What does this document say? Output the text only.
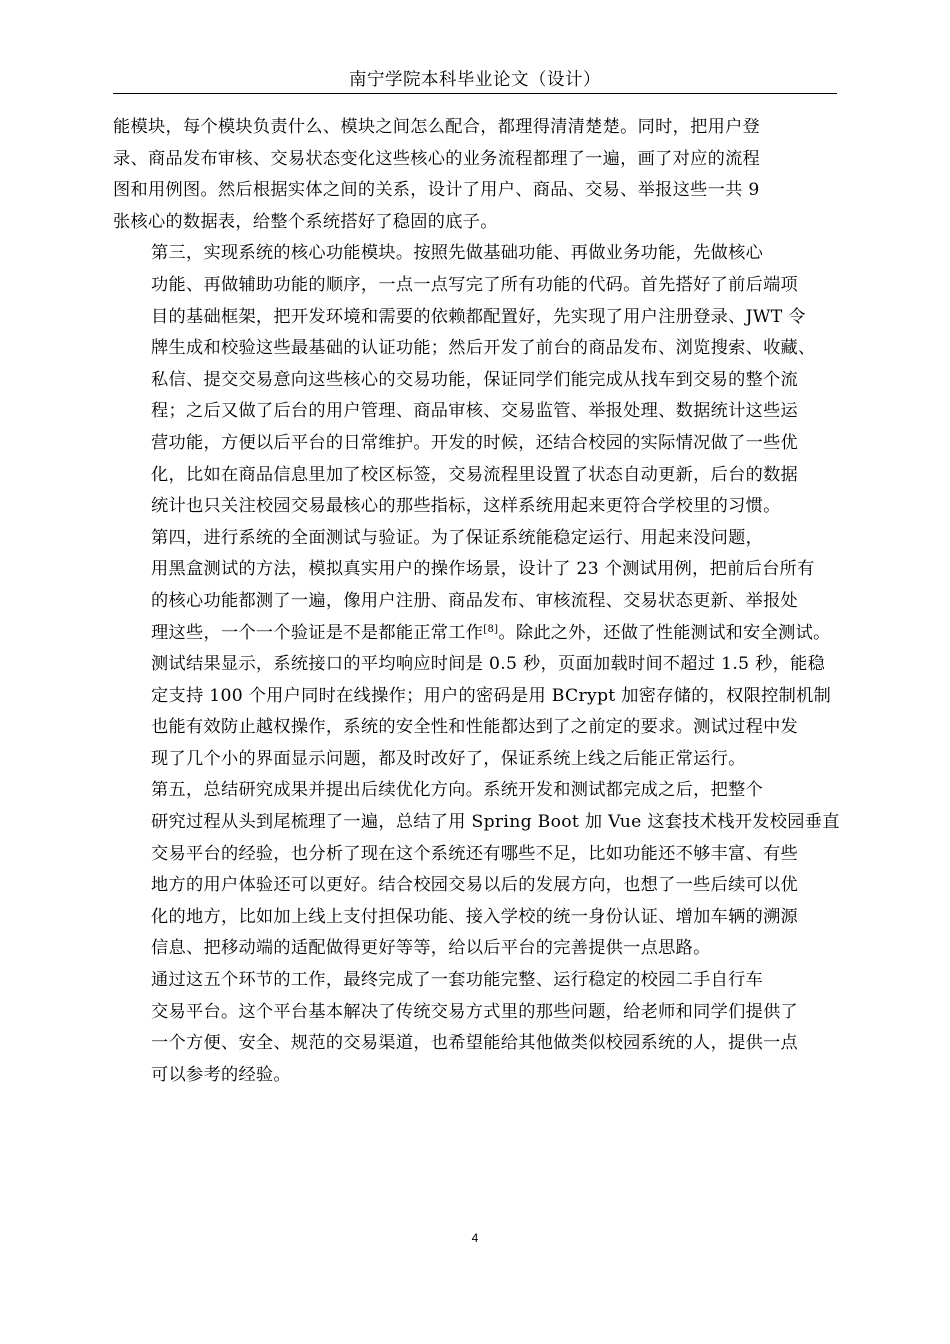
南宁学院本科毕业论文（设计）

能模块，每个模块负责什么、模块之间怎么配合，都理得清清楚楚。同时，把用户登
录、商品发布审核、交易状态变化这些核心的业务流程都理了一遍，画了对应的流程
图和用例图。然后根据实体之间的关系，设计了用户、商品、交易、举报这些一共 9
张核心的数据表，给整个系统搭好了稳固的底子。

第三，实现系统的核心功能模块。按照先做基础功能、再做业务功能，先做核心
功能、再做辅助功能的顺序，一点一点写完了所有功能的代码。首先搭好了前后端项
目的基础框架，把开发环境和需要的依赖都配置好，先实现了用户注册登录、JWT 令
牌生成和校验这些最基础的认证功能；然后开发了前台的商品发布、浏览搜索、收藏、
私信、提交交易意向这些核心的交易功能，保证同学们能完成从找车到交易的整个流
程；之后又做了后台的用户管理、商品审核、交易监管、举报处理、数据统计这些运
营功能，方便以后平台的日常维护。开发的时候，还结合校园的实际情况做了一些优
化，比如在商品信息里加了校区标签，交易流程里设置了状态自动更新，后台的数据
统计也只关注校园交易最核心的那些指标，这样系统用起来更符合学校里的习惯。

第四，进行系统的全面测试与验证。为了保证系统能稳定运行、用起来没问题，
用黑盒测试的方法，模拟真实用户的操作场景，设计了 23 个测试用例，把前后台所有
的核心功能都测了一遍，像用户注册、商品发布、审核流程、交易状态更新、举报处
理这些，一个一个验证是不是都能正常工作[8]。除此之外，还做了性能测试和安全测试。
测试结果显示，系统接口的平均响应时间是 0.5 秒，页面加载时间不超过 1.5 秒，能稳
定支持 100 个用户同时在线操作；用户的密码是用 BCrypt 加密存储的，权限控制机制
也能有效防止越权操作，系统的安全性和性能都达到了之前定的要求。测试过程中发
现了几个小的界面显示问题，都及时改好了，保证系统上线之后能正常运行。

第五，总结研究成果并提出后续优化方向。系统开发和测试都完成之后，把整个
研究过程从头到尾梳理了一遍，总结了用 Spring Boot 加 Vue 这套技术栈开发校园垂直
交易平台的经验，也分析了现在这个系统还有哪些不足，比如功能还不够丰富、有些
地方的用户体验还可以更好。结合校园交易以后的发展方向，也想了一些后续可以优
化的地方，比如加上线上支付担保功能、接入学校的统一身份认证、增加车辆的溯源
信息、把移动端的适配做得更好等等，给以后平台的完善提供一点思路。

通过这五个环节的工作，最终完成了一套功能完整、运行稳定的校园二手自行车
交易平台。这个平台基本解决了传统交易方式里的那些问题，给老师和同学们提供了
一个方便、安全、规范的交易渠道，也希望能给其他做类似校园系统的人，提供一点
可以参考的经验。

4
